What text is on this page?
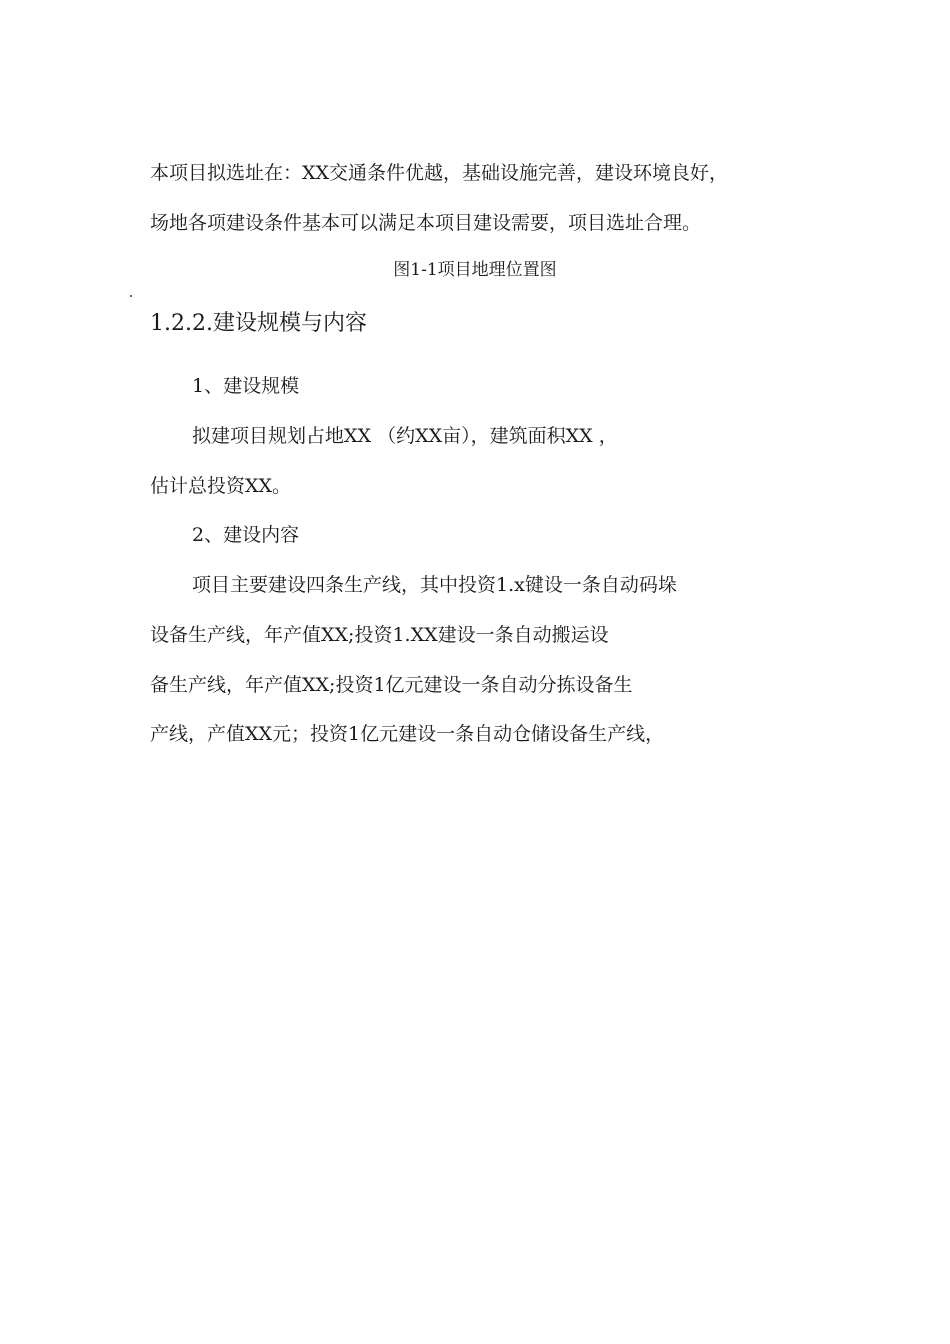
本项目拟选址在：XX交通条件优越，基础设施完善，建设环境良好，
场地各项建设条件基本可以满足本项目建设需要，项目选址合理。
图1-1项目地理位置图
1.2.2.建设规模与内容
1、建设规模
拟建项目规划占地XX （约XX亩），建筑面积XX ，
估计总投资XX。
2、建设内容
项目主要建设四条生产线，其中投资1.x键设一条自动码垛
设备生产线，年产值XX;投资1.XX建设一条自动搬运设
备生产线，年产值XX;投资1亿元建设一条自动分拣设备生
产线，产值XX元；投资1亿元建设一条自动仓储设备生产线，
